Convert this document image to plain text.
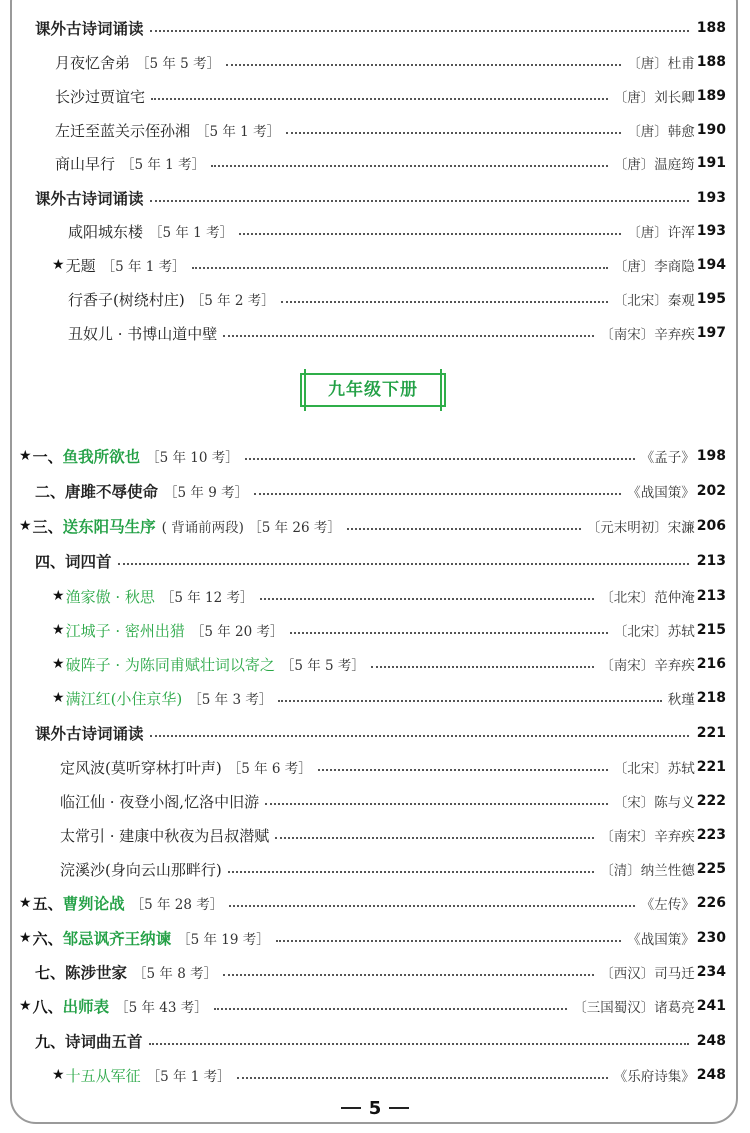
课外古诗词诵读	188
月夜忆舍弟 ［5 年 5 考］	〔唐〕杜甫 188
长沙过贾谊宅	〔唐〕刘长卿 189
左迁至蓝关示侄孙湘 ［5 年 1 考］	〔唐〕韩愈 190
商山早行 ［5 年 1 考］	〔唐〕温庭筠 191
课外古诗词诵读	193
咸阳城东楼 ［5 年 1 考］	〔唐〕许浑 193
★ 无题 ［5 年 1 考］	〔唐〕李商隐 194
行香子(树绕村庄) ［5 年 2 考］	〔北宋〕秦观 195
丑奴儿 · 书博山道中壁	〔南宋〕辛弃疾 197
★ 一、 鱼我所欲也 ［5 年 10 考］	《孟子》 198
二、 唐雎不辱使命 ［5 年 9 考］	《战国策》 202
★ 三、 送东阳马生序 ( 背诵前两段) ［5 年 26 考］	〔元末明初〕宋濂 206
四、 词四首	213
★ 渔家傲 · 秋思 ［5 年 12 考］	〔北宋〕范仲淹 213
★ 江城子 · 密州出猎 ［5 年 20 考］	〔北宋〕苏轼 215
★ 破阵子 · 为陈同甫赋壮词以寄之 ［5 年 5 考］	〔南宋〕辛弃疾 216
★ 满江红(小住京华) ［5 年 3 考］	秋瑾 218
课外古诗词诵读	221
定风波(莫听穿林打叶声) ［5 年 6 考］	〔北宋〕苏轼 221
临江仙 · 夜登小阁,忆洛中旧游	〔宋〕陈与义 222
太常引 · 建康中秋夜为吕叔潜赋	〔南宋〕辛弃疾 223
浣溪沙(身向云山那畔行)	〔清〕纳兰性德 225
★ 五、 曹刿论战 ［5 年 28 考］	《左传》 226
★ 六、 邹忌讽齐王纳谏 ［5 年 19 考］	《战国策》 230
七、 陈涉世家 ［5 年 8 考］	〔西汉〕司马迁 234
★ 八、 出师表 ［5 年 43 考］	〔三国蜀汉〕诸葛亮 241
九、 诗词曲五首	248
★ 十五从军征 ［5 年 1 考］	《乐府诗集》 248
九年级下册
5
